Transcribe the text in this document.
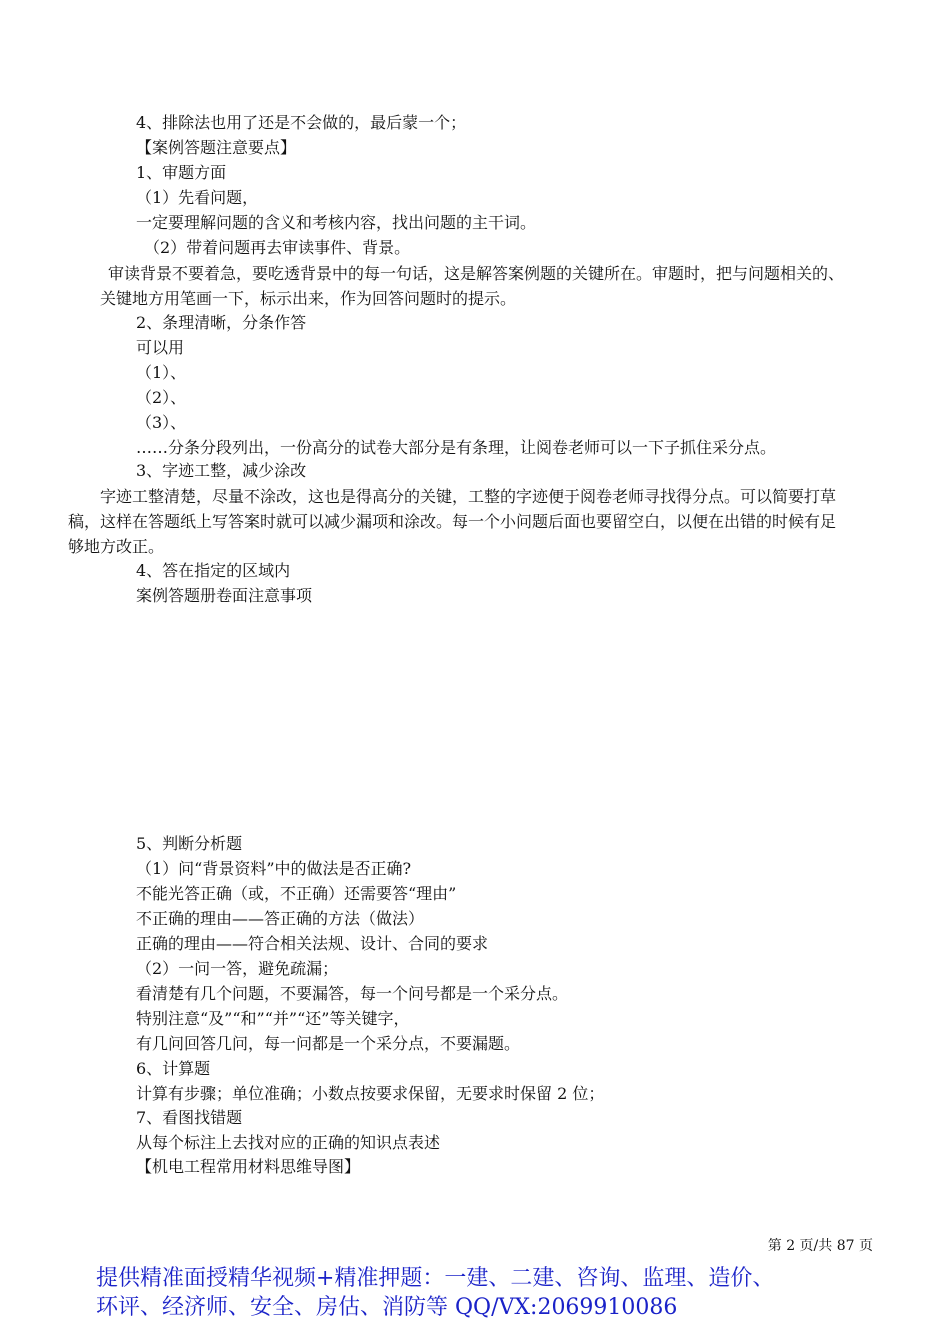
4、排除法也用了还是不会做的，最后蒙一个；
【案例答题注意要点】
1、审题方面
（1）先看问题，
一定要理解问题的含义和考核内容，找出问题的主干词。
（2）带着问题再去审读事件、背景。
审读背景不要着急，要吃透背景中的每一句话，这是解答案例题的关键所在。审题时，把与问题相关的、关键地方用笔画一下，标示出来，作为回答问题时的提示。
2、条理清晰，分条作答
可以用
（1）、
（2）、
（3）、
……分条分段列出，一份高分的试卷大部分是有条理，让阅卷老师可以一下子抓住采分点。
3、字迹工整，减少涂改
字迹工整清楚，尽量不涂改，这也是得高分的关键，工整的字迹便于阅卷老师寻找得分点。可以简要打草稿，这样在答题纸上写答案时就可以减少漏项和涂改。每一个小问题后面也要留空白，以便在出错的时候有足够地方改正。
4、答在指定的区域内
案例答题册卷面注意事项
5、判断分析题
（1）问“背景资料”中的做法是否正确?
不能光答正确（或，不正确）还需要答“理由”
不正确的理由——答正确的方法（做法）
正确的理由——符合相关法规、设计、合同的要求
（2）一问一答，避免疏漏；
看清楚有几个问题，不要漏答，每一个问号都是一个采分点。
特别注意“及”“和”“并”“还”等关键字，
有几问回答几问，每一问都是一个采分点，不要漏题。
6、计算题
计算有步骤；单位准确；小数点按要求保留，无要求时保留 2 位；
7、看图找错题
从每个标注上去找对应的正确的知识点表述
【机电工程常用材料思维导图】
第 2 页/共 87 页
提供精准面授精华视频+精准押题：一建、二建、咨询、监理、造价、
环评、经济师、安全、房估、消防等 QQ/VX:2069910086
